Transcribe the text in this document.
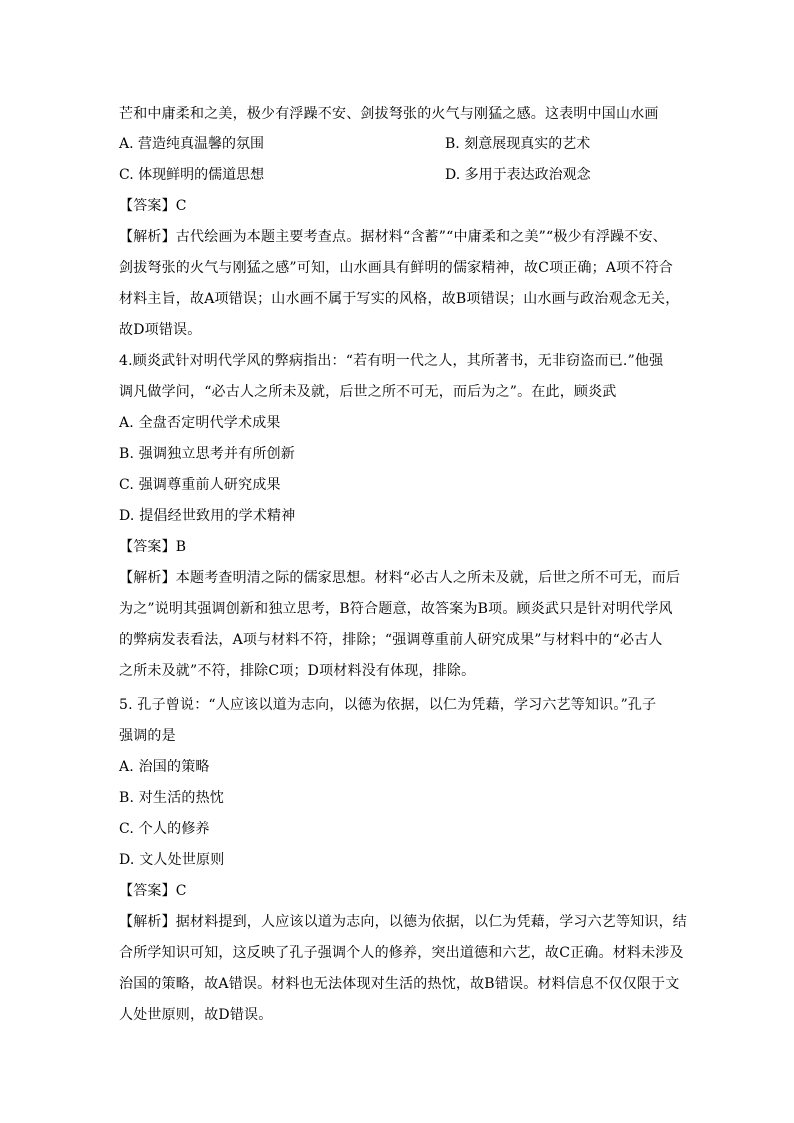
芒和中庸柔和之美，极少有浮躁不安、剑拔弩张的火气与刚猛之感。这表明中国山水画
A. 营造纯真温馨的氛围	B. 刻意展现真实的艺术
C. 体现鲜明的儒道思想	D. 多用于表达政治观念
【答案】C
【解析】古代绘画为本题主要考查点。据材料“含蓄”“中庸柔和之美”“极少有浮躁不安、
剑拔弩张的火气与刚猛之感”可知，山水画具有鲜明的儒家精神，故C项正确；A项不符合
材料主旨，故A项错误；山水画不属于写实的风格，故B项错误；山水画与政治观念无关，
故D项错误。
4.顾炎武针对明代学风的弊病指出：“若有明一代之人，其所著书，无非窃盗而已.”他强
调凡做学问，“必古人之所未及就，后世之所不可无，而后为之”。在此，顾炎武
A. 全盘否定明代学术成果
B. 强调独立思考并有所创新
C. 强调尊重前人研究成果
D. 提倡经世致用的学术精神
【答案】B
【解析】本题考查明清之际的儒家思想。材料“必古人之所未及就，后世之所不可无，而后
为之”说明其强调创新和独立思考，B符合题意，故答案为B项。顾炎武只是针对明代学风
的弊病发表看法，A项与材料不符，排除；“强调尊重前人研究成果”与材料中的“必古人
之所未及就”不符，排除C项；D项材料没有体现，排除。
5. 孔子曾说：“人应该以道为志向，以德为依据，以仁为凭藉，学习六艺等知识。”孔子
强调的是
A. 治国的策略
B. 对生活的热忱
C. 个人的修养
D. 文人处世原则
【答案】C
【解析】据材料提到，人应该以道为志向，以德为依据，以仁为凭藉，学习六艺等知识，结
合所学知识可知，这反映了孔子强调个人的修养，突出道德和六艺，故C正确。材料未涉及
治国的策略，故A错误。材料也无法体现对生活的热忱，故B错误。材料信息不仅仅限于文
人处世原则，故D错误。
